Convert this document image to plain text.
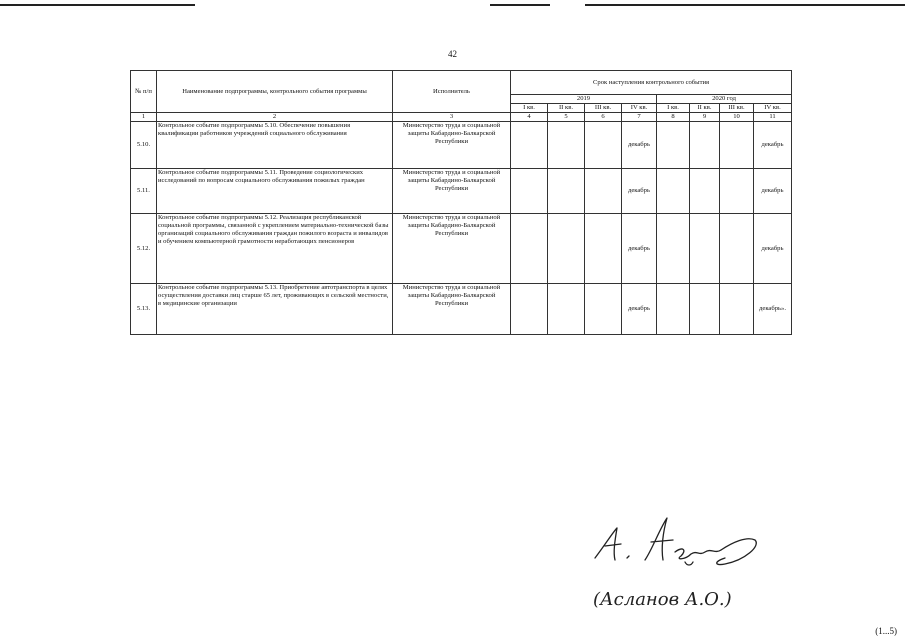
42
№ п/п	Наименование подпрограммы, контрольного события программы	Исполнитель	Срок наступления контрольного события							
			2019				2020 год			
			I кв.	II кв.	III кв.	IV кв.	I кв.	II кв.	III кв.	IV кв.
1	2	3	4	5	6	7	8	9	10	11
5.10.	Контрольное событие подпрограммы 5.10. Обеспечение повышения квалификации работников учреждений социального обслуживания	Министерство труда и социальной защиты Кабардино-Балкарской Республики				декабрь				декабрь
5.11.	Контрольное событие подпрограммы 5.11. Проведение социологических исследований по вопросам социального обслуживания пожилых граждан	Министерство труда и социальной защиты Кабардино-Балкарской Республики				декабрь				декабрь
5.12.	Контрольное событие подпрограммы 5.12. Реализация республиканской социальной программы, связанной с укреплением материально-технической базы организаций социального обслуживания граждан пожилого возраста и инвалидов и обучением компьютерной грамотности неработающих пенсионеров	Министерство труда и социальной защиты Кабардино-Балкарской Республики				декабрь				декабрь
5.13.	Контрольное событие подпрограммы 5.13. Приобретение автотранспорта в целях осуществления доставки лиц старше 65 лет, проживающих в сельской местности, в медицинские организации	Министерство труда и социальной защиты Кабардино-Балкарской Республики				декабрь				декабрь».
(Асланов А.О.)
(1...5)
